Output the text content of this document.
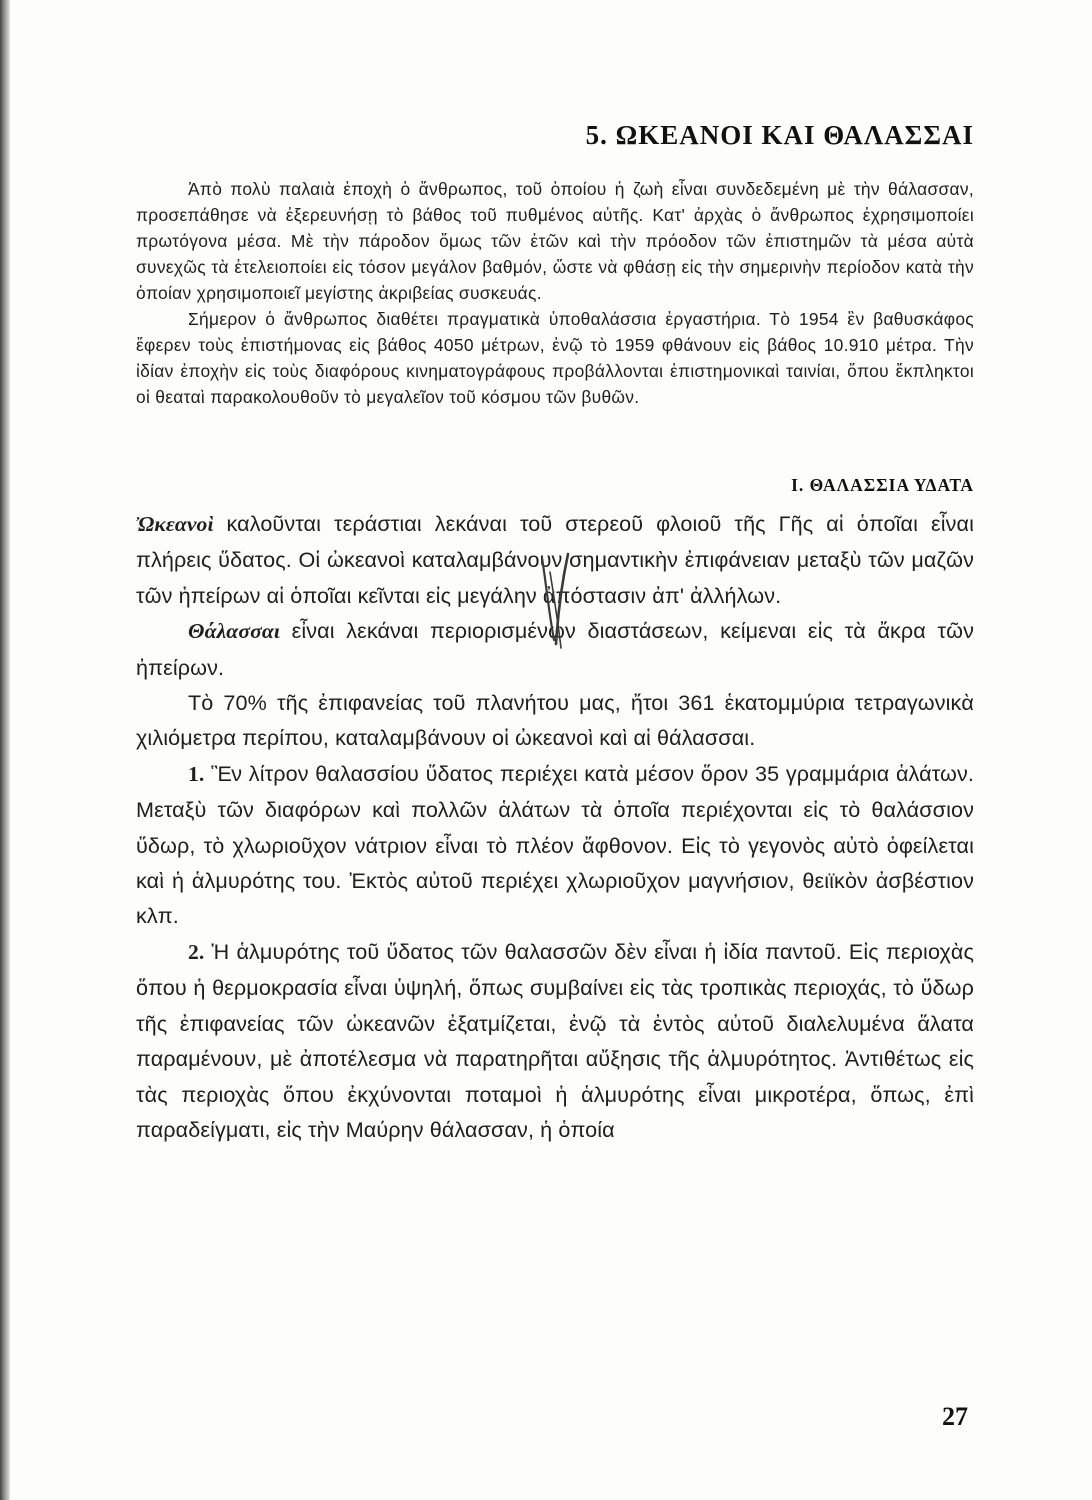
5. ΩΚΕΑΝΟΙ ΚΑΙ ΘΑΛΑΣΣΑΙ

Ἀπὸ πολὺ παλαιὰ ἐποχὴ ὁ ἄνθρωπος, τοῦ ὁποίου ἡ ζωὴ εἶναι συνδεδεμένη μὲ τὴν θάλασσαν, προσεπάθησε νὰ ἐξερευνήσῃ τὸ βάθος τοῦ πυθμένος αὐτῆς. Κατ' ἀρχὰς ὁ ἄνθρωπος ἐχρησιμοποίει πρωτόγονα μέσα. Μὲ τὴν πάροδον ὅμως τῶν ἐτῶν καὶ τὴν πρόοδον τῶν ἐπιστημῶν τὰ μέσα αὐτὰ συνεχῶς τὰ ἐτελειοποίει εἰς τόσον μεγάλον βαθμόν, ὥστε νὰ φθάσῃ εἰς τὴν σημερινὴν περίοδον κατὰ τὴν ὁποίαν χρησιμοποιεῖ μεγίστης ἀκριβείας συσκευάς.

Σήμερον ὁ ἄνθρωπος διαθέτει πραγματικὰ ὑποθαλάσσια ἐργαστήρια. Τὸ 1954 ἓν βαθυσκάφος ἔφερεν τοὺς ἐπιστήμονας εἰς βάθος 4050 μέτρων, ἐνῷ τὸ 1959 φθάνουν εἰς βάθος 10.910 μέτρα. Τὴν ἰδίαν ἐποχὴν εἰς τοὺς διαφόρους κινηματογράφους προβάλλονται ἐπιστημονικαὶ ταινίαι, ὅπου ἔκπληκτοι οἱ θεαταὶ παρακολουθοῦν τὸ μεγαλεῖον τοῦ κόσμου τῶν βυθῶν.

Ι. ΘΑΛΑΣΣΙΑ ΥΔΑΤΑ

Ὠκεανοὶ καλοῦνται τεράστιαι λεκάναι τοῦ στερεοῦ φλοιοῦ τῆς Γῆς αἱ ὁποῖαι εἶναι πλήρεις ὕδατος. Οἱ ὠκεανοὶ καταλαμβάνουν σημαντικὴν ἐπιφάνειαν μεταξὺ τῶν μαζῶν τῶν ἠπείρων αἱ ὁποῖαι κεῖνται εἰς μεγάλην ἀπόστασιν ἀπ' ἀλλήλων.

Θάλασσαι εἶναι λεκάναι περιορισμένων διαστάσεων, κείμεναι εἰς τὰ ἄκρα τῶν ἠπείρων.

Τὸ 70% τῆς ἐπιφανείας τοῦ πλανήτου μας, ἤτοι 361 ἑκατομμύρια τετραγωνικὰ χιλιόμετρα περίπου, καταλαμβάνουν οἱ ὠκεανοὶ καὶ αἱ θάλασσαι.

1. Ἓν λίτρον θαλασσίου ὕδατος περιέχει κατὰ μέσον ὅρον 35 γραμμάρια ἁλάτων. Μεταξὺ τῶν διαφόρων καὶ πολλῶν ἁλάτων τὰ ὁποῖα περιέχονται εἰς τὸ θαλάσσιον ὕδωρ, τὸ χλωριοῦχον νάτριον εἶναι τὸ πλέον ἄφθονον. Εἰς τὸ γεγονὸς αὐτὸ ὀφείλεται καὶ ἡ ἁλμυρότης του. Ἐκτὸς αὐτοῦ περιέχει χλωριοῦχον μαγνήσιον, θειϊκὸν ἀσβέστιον κλπ.

2. Ἡ ἁλμυρότης τοῦ ὕδατος τῶν θαλασσῶν δὲν εἶναι ἡ ἰδία παντοῦ. Εἰς περιοχὰς ὅπου ἡ θερμοκρασία εἶναι ὑψηλή, ὅπως συμβαίνει εἰς τὰς τροπικὰς περιοχάς, τὸ ὕδωρ τῆς ἐπιφανείας τῶν ὠκεανῶν ἐξατμίζεται, ἐνῷ τὰ ἐντὸς αὐτοῦ διαλελυμένα ἅλατα παραμένουν, μὲ ἀποτέλεσμα νὰ παρατηρῆται αὔξησις τῆς ἁλμυρότητος. Ἀντιθέτως εἰς τὰς περιοχὰς ὅπου ἐκχύνονται ποταμοὶ ἡ ἁλμυρότης εἶναι μικροτέρα, ὅπως, ἐπὶ παραδείγματι, εἰς τὴν Μαύρην θάλασσαν, ἡ ὁποία

27
